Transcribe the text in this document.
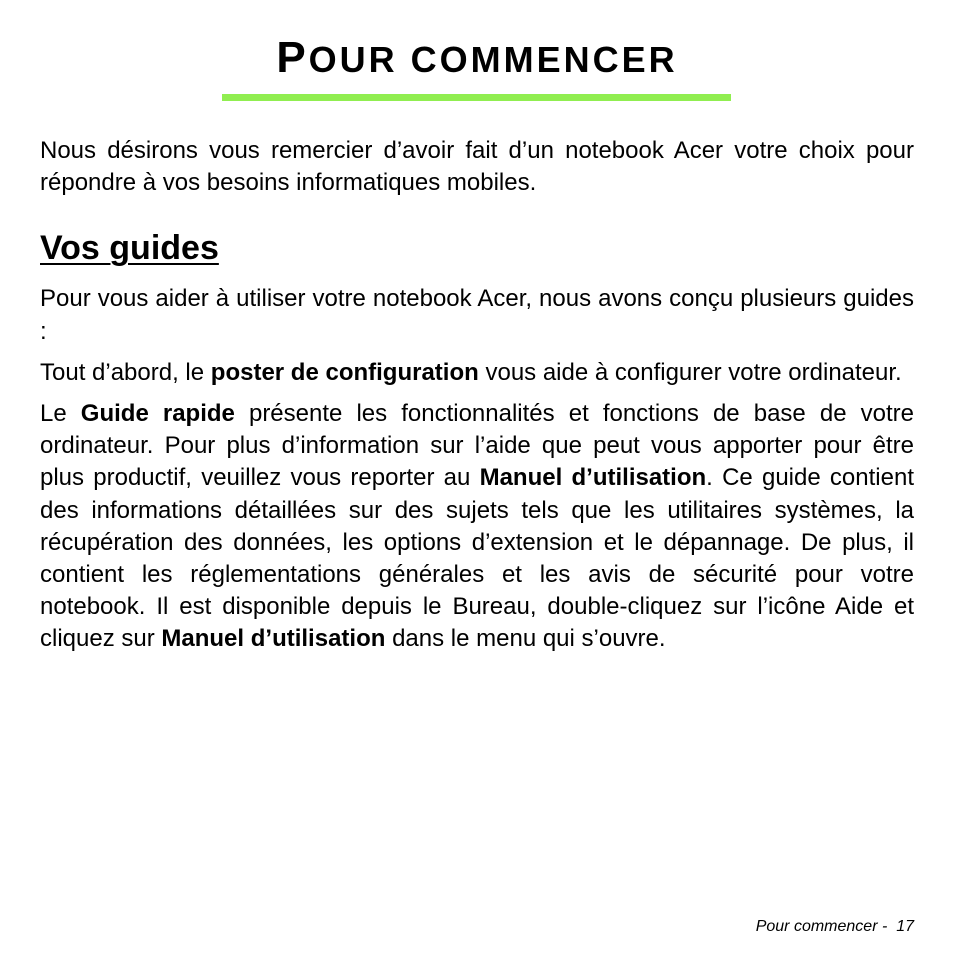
POUR COMMENCER

Nous désirons vous remercier d’avoir fait d’un notebook Acer votre choix pour répondre à vos besoins informatiques mobiles.

Vos guides

Pour vous aider à utiliser votre notebook Acer, nous avons conçu plusieurs guides :

Tout d’abord, le poster de configuration vous aide à configurer votre ordinateur.

Le Guide rapide présente les fonctionnalités et fonctions de base de votre ordinateur. Pour plus d’information sur l’aide que peut vous apporter pour être plus productif, veuillez vous reporter au Manuel d’utilisation. Ce guide contient des informations détaillées sur des sujets tels que les utilitaires systèmes, la récupération des données, les options d’extension et le dépannage. De plus, il contient les réglementations générales et les avis de sécurité pour votre notebook. Il est disponible depuis le Bureau, double-cliquez sur l’icône Aide et cliquez sur Manuel d’utilisation dans le menu qui s’ouvre.

Pour commencer -  17
